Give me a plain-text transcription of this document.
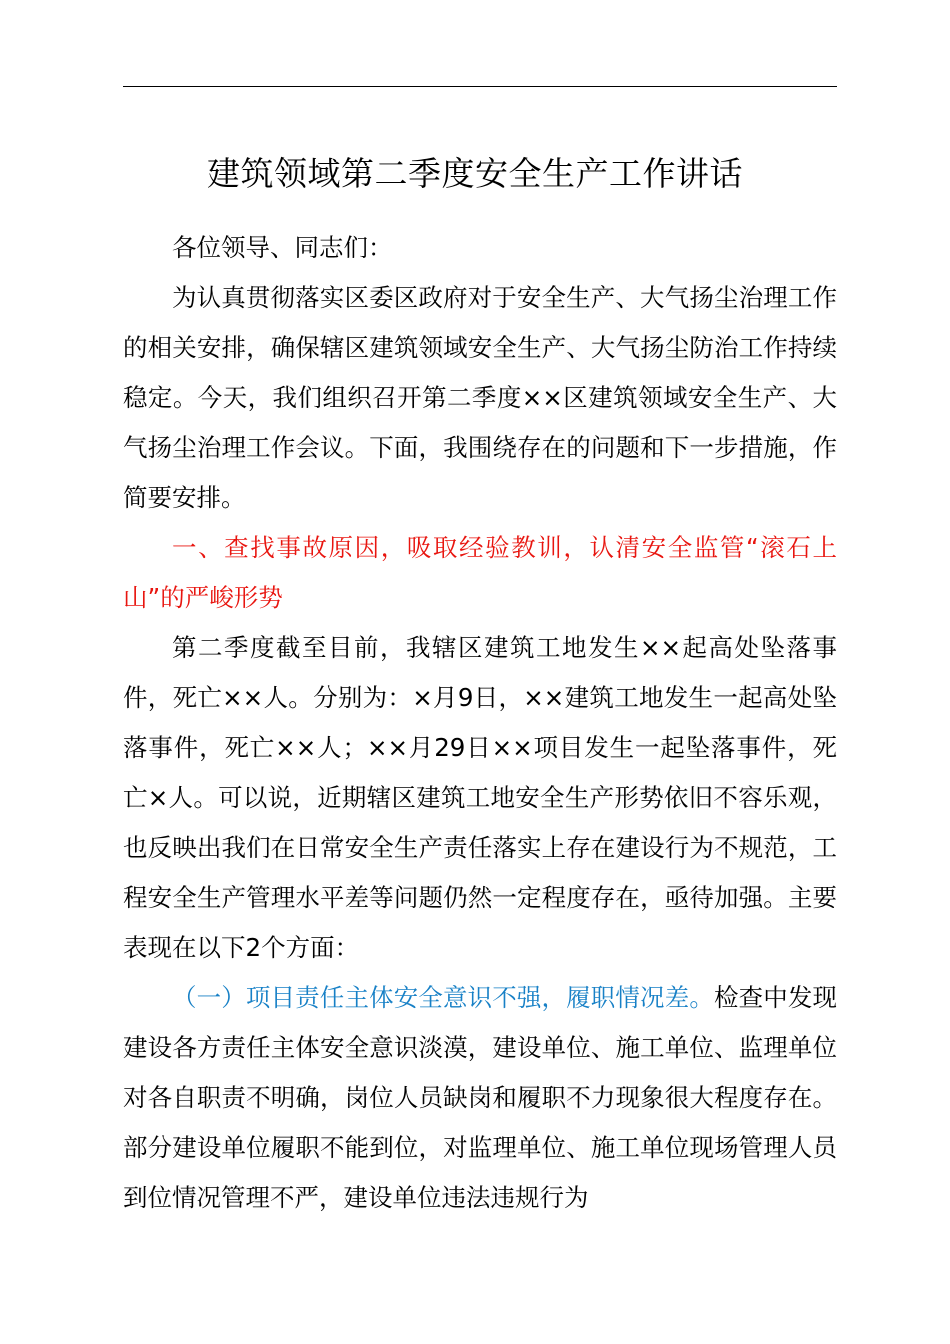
建筑领域第二季度安全生产工作讲话

各位领导、同志们：

为认真贯彻落实区委区政府对于安全生产、大气扬尘治理工作的相关安排，确保辖区建筑领域安全生产、大气扬尘防治工作持续稳定。今天，我们组织召开第二季度××区建筑领域安全生产、大气扬尘治理工作会议。下面，我围绕存在的问题和下一步措施，作简要安排。

一、查找事故原因，吸取经验教训，认清安全监管“滚石上山”的严峻形势

第二季度截至目前，我辖区建筑工地发生××起高处坠落事件，死亡××人。分别为：×月9日，××建筑工地发生一起高处坠落事件，死亡××人；××月29日××项目发生一起坠落事件，死亡×人。可以说，近期辖区建筑工地安全生产形势依旧不容乐观，也反映出我们在日常安全生产责任落实上存在建设行为不规范，工程安全生产管理水平差等问题仍然一定程度存在，亟待加强。主要表现在以下2个方面：

（一）项目责任主体安全意识不强，履职情况差。检查中发现建设各方责任主体安全意识淡漠，建设单位、施工单位、监理单位对各自职责不明确，岗位人员缺岗和履职不力现象很大程度存在。部分建设单位履职不能到位，对监理单位、施工单位现场管理人员到位情况管理不严，建设单位违法违规行为
